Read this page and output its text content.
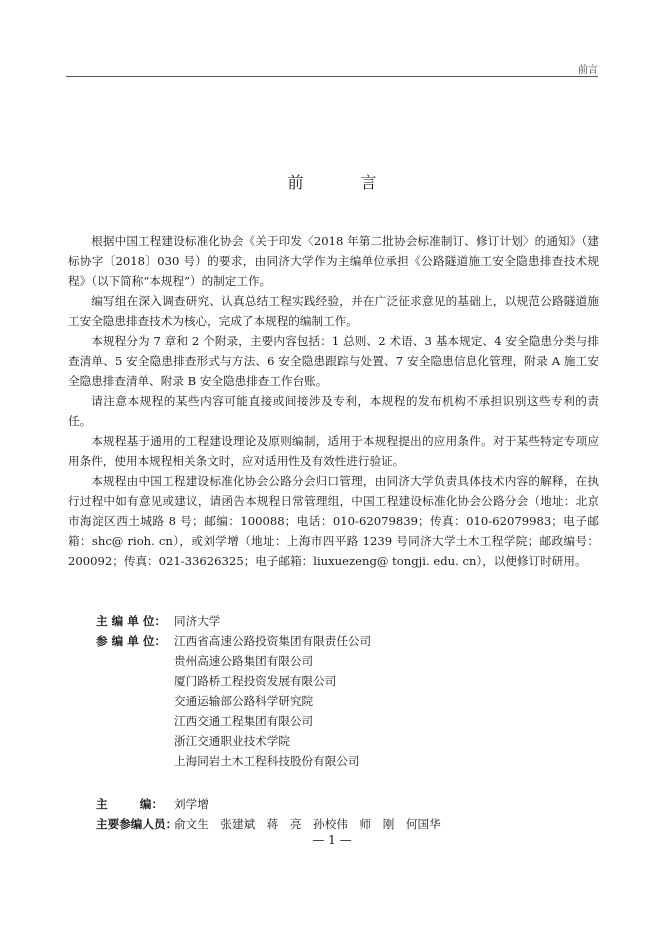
前言
前 言

根据中国工程建设标准化协会《关于印发〈2018 年第二批协会标准制订、修订计划〉的通知》（建标协字〔2018〕030 号）的要求，由同济大学作为主编单位承担《公路隧道施工安全隐患排查技术规程》（以下简称“本规程”）的制定工作。

编写组在深入调查研究、认真总结工程实践经验，并在广泛征求意见的基础上，以规范公路隧道施工安全隐患排查技术为核心，完成了本规程的编制工作。

本规程分为 7 章和 2 个附录，主要内容包括：1 总则、2 术语、3 基本规定、4 安全隐患分类与排查清单、5 安全隐患排查形式与方法、6 安全隐患跟踪与处置、7 安全隐患信息化管理，附录 A 施工安全隐患排查清单、附录 B 安全隐患排查工作台账。

请注意本规程的某些内容可能直接或间接涉及专利，本规程的发布机构不承担识别这些专利的责任。

本规程基于通用的工程建设理论及原则编制，适用于本规程提出的应用条件。对于某些特定专项应用条件，使用本规程相关条文时，应对适用性及有效性进行验证。

本规程由中国工程建设标准化协会公路分会归口管理，由同济大学负责具体技术内容的解释，在执行过程中如有意见或建议，请函告本规程日常管理组，中国工程建设标准化协会公路分会（地址：北京市海淀区西土城路 8 号；邮编：100088；电话：010-62079839；传真：010-62079983；电子邮箱：shc@ rioh. cn），或刘学增（地址：上海市四平路 1239 号同济大学土木工程学院；邮政编号：200092；传真：021-33626325；电子邮箱：liuxuezeng@ tongji. edu. cn），以便修订时研用。

主 编 单 位： 同济大学
参 编 单 位： 江西省高速公路投资集团有限责任公司
贵州高速公路集团有限公司
厦门路桥工程投资发展有限公司
交通运输部公路科学研究院
江西交通工程集团有限公司
浙江交通职业技术学院
上海同岩土木工程科技股份有限公司
主        编： 刘学增
主要参编人员：
俞文生　张建斌　蒋　亮　孙校伟　师　刚　何国华
— 1 —
